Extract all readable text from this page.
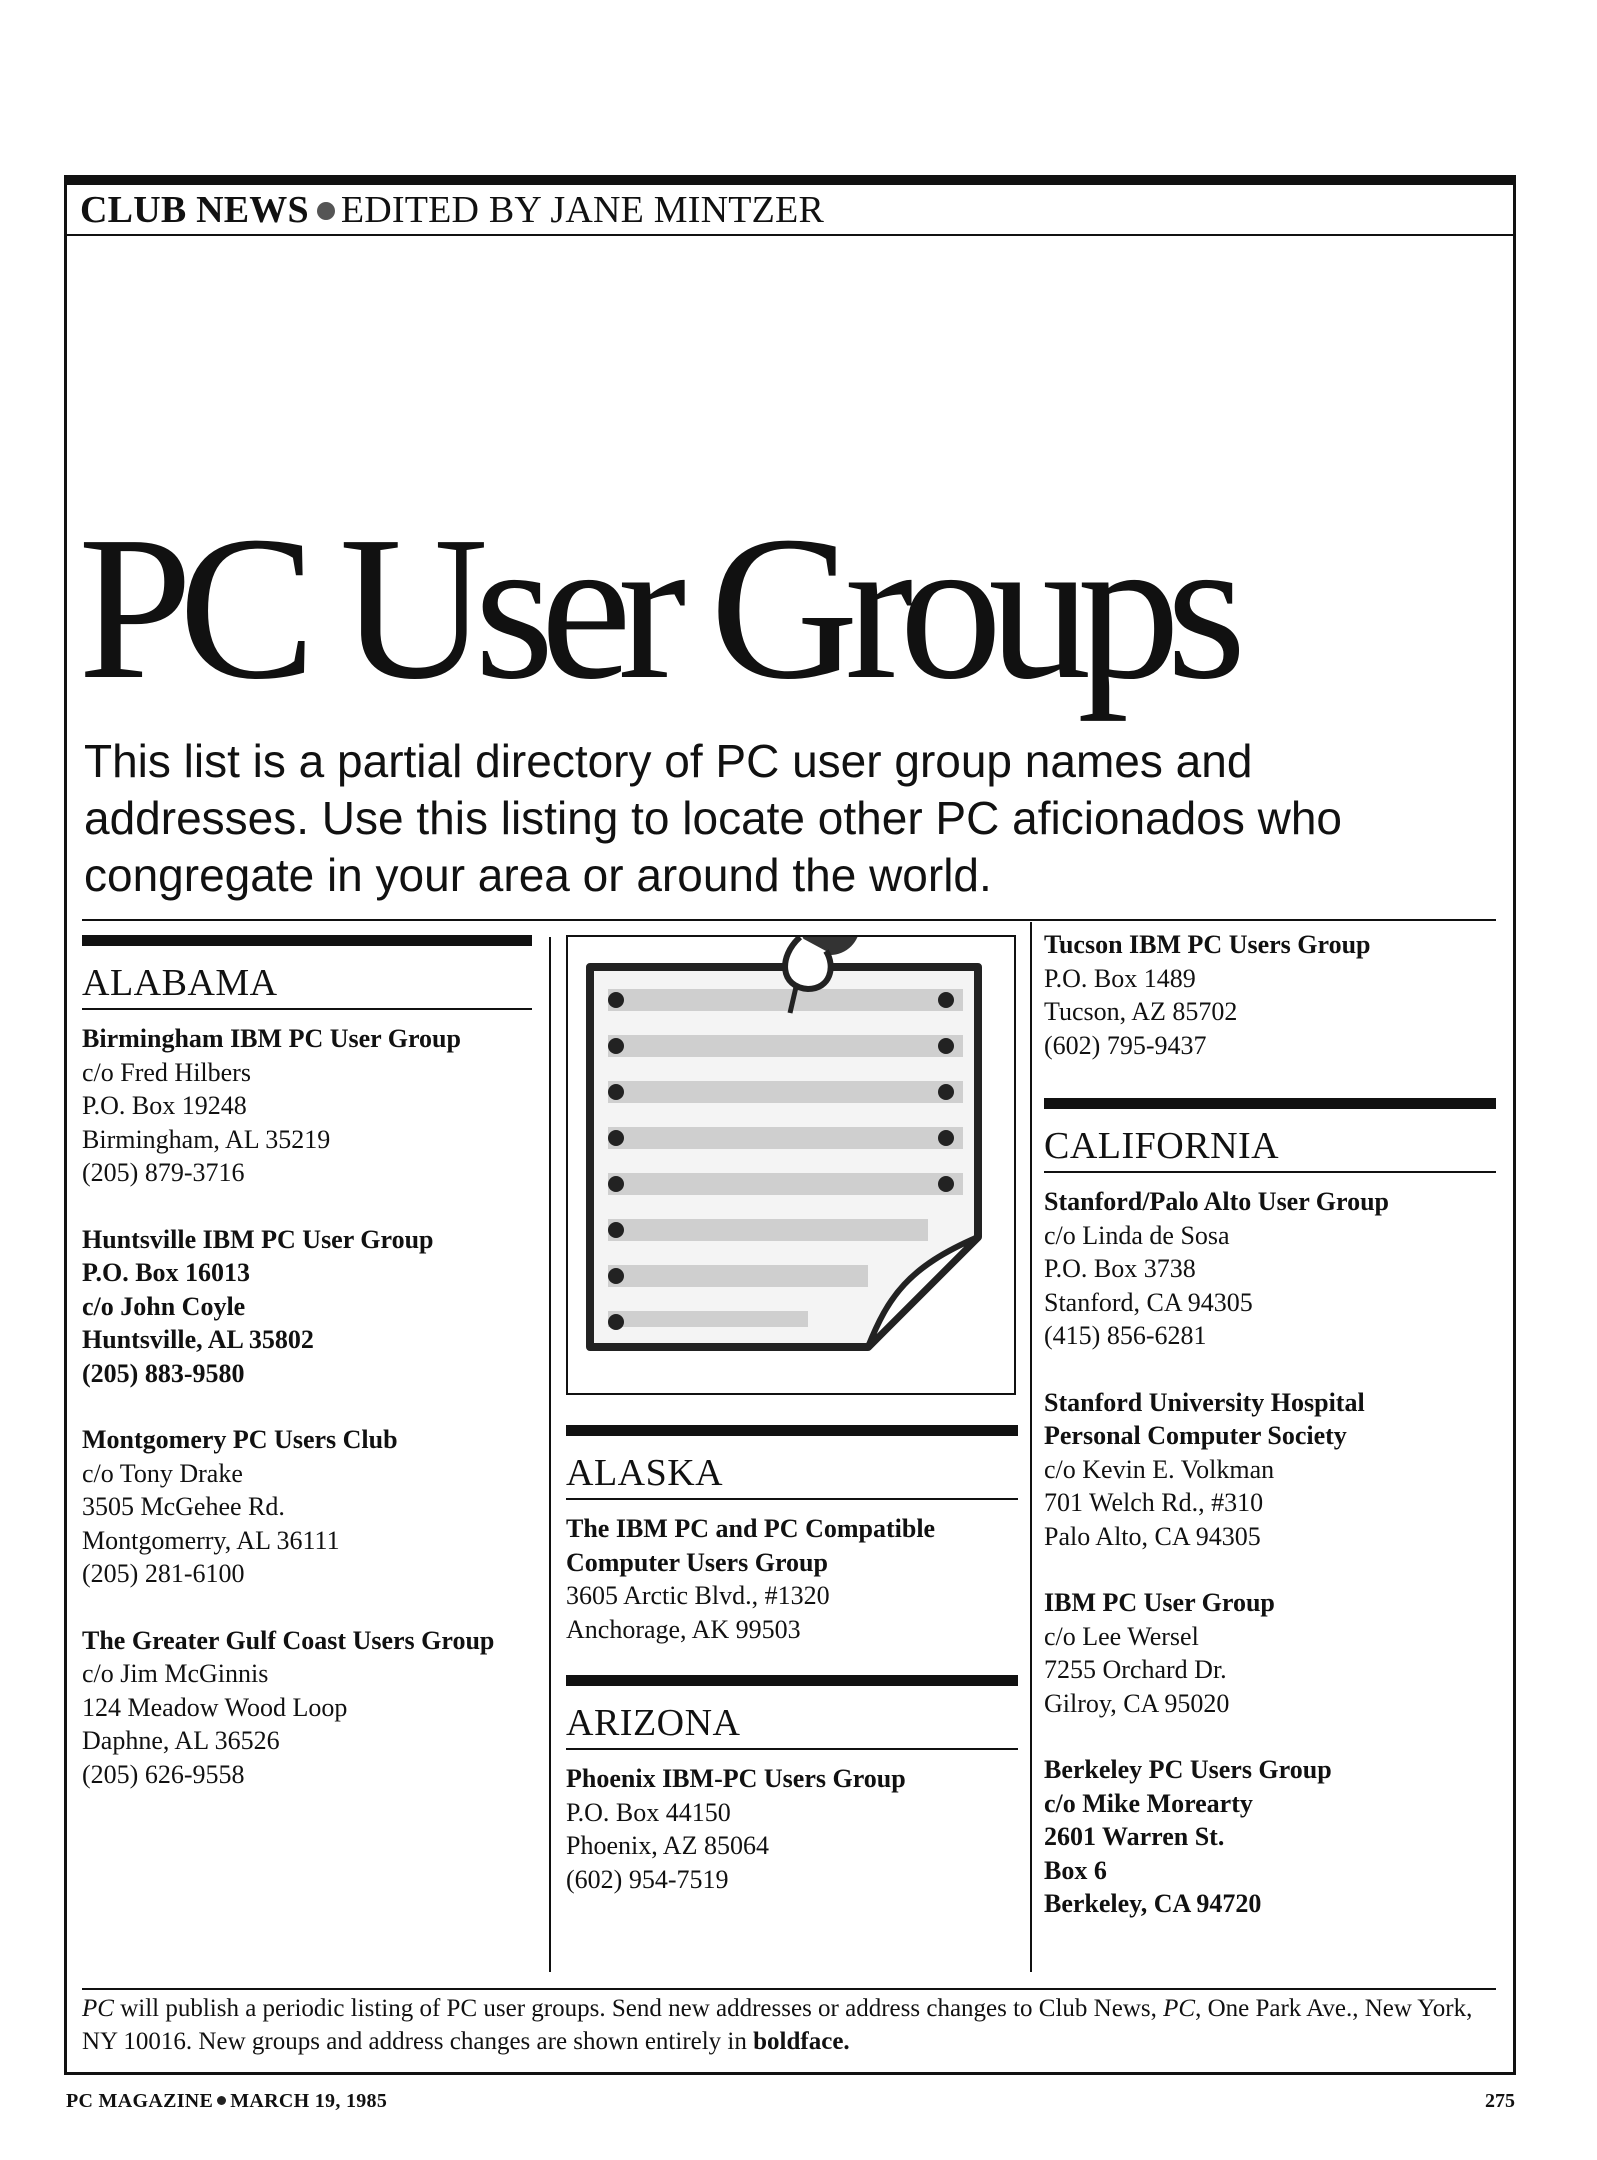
CLUB NEWS EDITED BY JANE MINTZER
PC User Groups
This list is a partial directory of PC user group names and addresses. Use this listing to locate other PC aficionados who congregate in your area or around the world.
ALABAMA
Birmingham IBM PC User Group
c/o Fred Hilbers
P.O. Box 19248
Birmingham, AL 35219
(205) 879-3716
Huntsville IBM PC User Group
P.O. Box 16013
c/o John Coyle
Huntsville, AL 35802
(205) 883-9580
Montgomery PC Users Club
c/o Tony Drake
3505 McGehee Rd.
Montgomerry, AL 36111
(205) 281-6100
The Greater Gulf Coast Users Group
c/o Jim McGinnis
124 Meadow Wood Loop
Daphne, AL 36526
(205) 626-9558
ALASKA
The IBM PC and PC Compatible
Computer Users Group
3605 Arctic Blvd., #1320
Anchorage, AK 99503
ARIZONA
Phoenix IBM-PC Users Group
P.O. Box 44150
Phoenix, AZ 85064
(602) 954-7519
Tucson IBM PC Users Group
P.O. Box 1489
Tucson, AZ 85702
(602) 795-9437
CALIFORNIA
Stanford/Palo Alto User Group
c/o Linda de Sosa
P.O. Box 3738
Stanford, CA 94305
(415) 856-6281
Stanford University Hospital
Personal Computer Society
c/o Kevin E. Volkman
701 Welch Rd., #310
Palo Alto, CA 94305
IBM PC User Group
c/o Lee Wersel
7255 Orchard Dr.
Gilroy, CA 95020
Berkeley PC Users Group
c/o Mike Morearty
2601 Warren St.
Box 6
Berkeley, CA 94720
PC will publish a periodic listing of PC user groups. Send new addresses or address changes to Club News, PC, One Park Ave., New York, NY 10016. New groups and address changes are shown entirely in boldface.
PC MAGAZINE MARCH 19, 1985	275
